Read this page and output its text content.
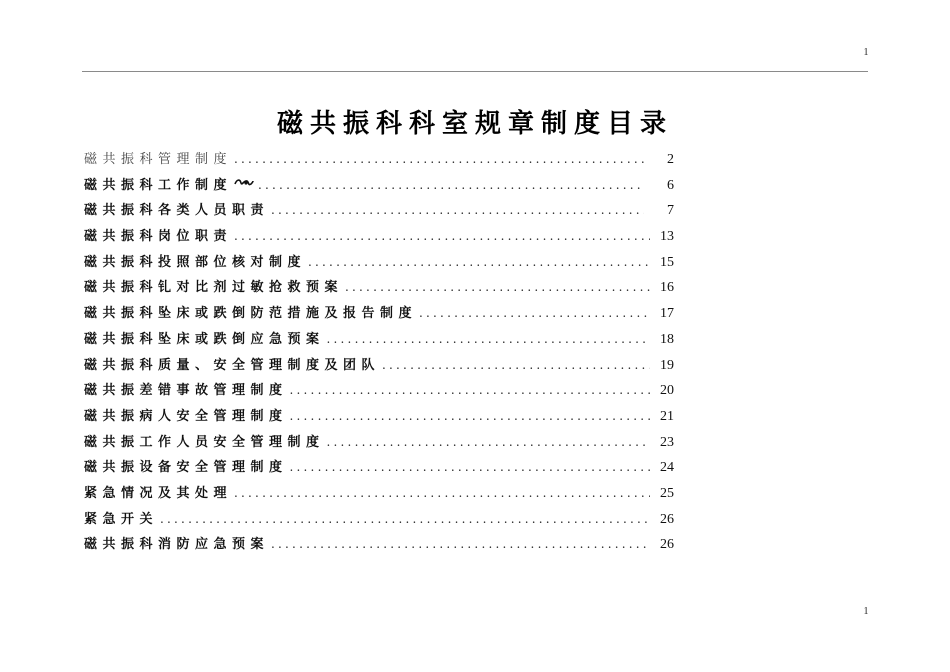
1
磁共振科科室规章制度目录
磁共振科管理制度 .....	2
磁共振科工作制度 .....	6
磁共振科各类人员职责 .....	7
磁共振科岗位职责 .....	13
磁共振科投照部位核对制度 .....	15
磁共振科钆对比剂过敏抢救预案 .....	16
磁共振科坠床或跌倒防范措施及报告制度 .....	17
磁共振科坠床或跌倒应急预案 .....	18
磁共振科质量、安全管理制度及团队 .....	19
磁共振差错事故管理制度 .....	20
磁共振病人安全管理制度 .....	21
磁共振工作人员安全管理制度 .....	23
磁共振设备安全管理制度 .....	24
紧急情况及其处理 .....	25
紧急开关 .....	26
磁共振科消防应急预案 .....	26
1
